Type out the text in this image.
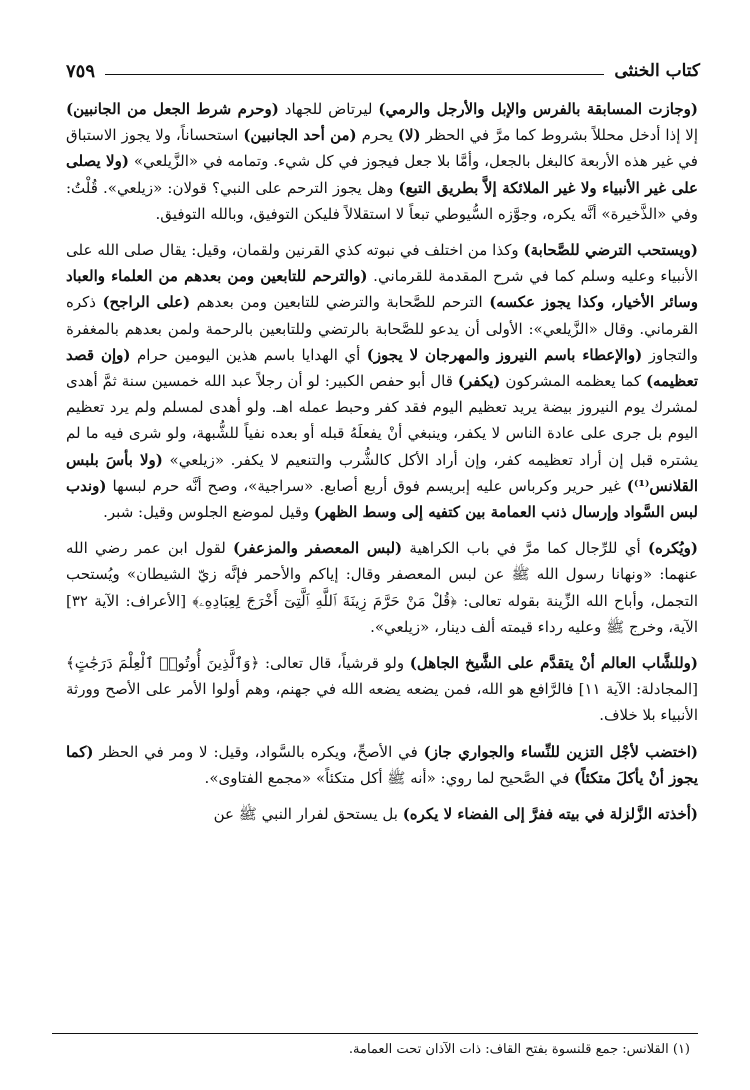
كتاب الخنثى
٧٥٩

(وجازت المسابقة بالفرس والإبل والأرجل والرمي) ليرتاض للجهاد (وحرم شرط الجعل من الجانبين) إلا إذا أدخل محللاً بشروط كما مرَّ في الحظر (لا) يحرم (من أحد الجانبين) استحساناً، ولا يجوز الاستباق في غير هذه الأربعة كالبغل بالجعل، وأمَّا بلا جعل فيجوز في كل شيء. وتمامه في «الزَّيلعي» (ولا يصلى على غير الأنبياء ولا غير الملائكة إلاَّ بطريق التبع) وهل يجوز الترحم على النبي؟ قولان: «زيلعي». قُلْتُ: وفي «الذَّخيرة» أنَّه يكره، وجوَّزه السُّيوطي تبعاً لا استقلالاً فليكن التوفيق، وبالله التوفيق.

(ويستحب الترضي للصَّحابة) وكذا من اختلف في نبوته كذي القرنين ولقمان، وقيل: يقال صلى الله على الأنبياء وعليه وسلم كما في شرح المقدمة للقرماني. (والترحم للتابعين ومن بعدهم من العلماء والعباد وسائر الأخيار، وكذا يجوز عكسه) الترحم للصَّحابة والترضي للتابعين ومن بعدهم (على الراجح) ذكره القرماني. وقال «الزَّيلعي»: الأولى أن يدعو للصَّحابة بالرتضي وللتابعين بالرحمة ولمن بعدهم بالمغفرة والتجاوز (والإعطاء باسم النيروز والمهرجان لا يجوز) أي الهدايا باسم هذين اليومين حرام (وإن قصد تعظيمه) كما يعظمه المشركون (يكفر) قال أبو حفص الكبير: لو أن رجلاً عبد الله خمسين سنة ثمَّ أهدى لمشرك يوم النيروز بيضة يريد تعظيم اليوم فقد كفر وحبط عمله اهـ. ولو أهدى لمسلم ولم يرد تعظيم اليوم بل جرى على عادة الناس لا يكفر، وينبغي أنْ يفعلَهُ قبله أو بعده نفياً للشُّبهة، ولو شرى فيه ما لم يشتره قبل إن أراد تعظيمه كفر، وإن أراد الأكل كالشُّرب والتنعيم لا يكفر. «زيلعي» (ولا بأسَ بلبس القلانس⁽¹⁾) غير حرير وكرباس عليه إبريسم فوق أربع أصابع. «سراجية»، وصح أنَّه حرم لبسها (وندب لبس السَّواد وإرسال ذنب العمامة بين كتفيه إلى وسط الظهر) وقيل لموضع الجلوس وقيل: شبر.

(ويُكره) أي للرِّجال كما مرَّ في باب الكراهية (لبس المعصفر والمزعفر) لقول ابن عمر رضي الله عنهما: «ونهانا رسول الله ﷺ عن لبس المعصفر وقال: إياكم والأحمر فإنَّه زيّ الشيطان» ويُستحب التجمل، وأباح الله الزِّينة بقوله تعالى: ﴿قُلْ مَنْ حَرَّمَ زِينَةَ ٱللَّهِ ٱلَّتِىٓ أَخْرَجَ لِعِبَادِهِۦ﴾ [الأعراف: الآية ٣٢] الآية، وخرج ﷺ وعليه رداء قيمته ألف دينار، «زيلعي».

(وللشَّاب العالم أنْ يتقدَّم على الشَّيخ الجاهل) ولو قرشياً، قال تعالى: ﴿وَٱلَّذِينَ أُوتُوا۟ ٱلْعِلْمَ دَرَجَٰتٍ﴾ [المجادلة: الآية ١١] فالرَّافع هو الله، فمن يضعه يضعه الله في جهنم، وهم أولوا الأمر على الأصح وورثة الأنبياء بلا خلاف.

(اختضب لأجْل التزين للنِّساء والجواري جاز) في الأصحِّ، ويكره بالسَّواد، وقيل: لا ومر في الحظر (كما يجوز أنْ يأكلَ متكئاً) في الصَّحيح لما روي: «أنه ﷺ أكل متكئاً» «مجمع الفتاوى».

(أخذته الزَّلزلة في بيته ففرَّ إلى الفضاء لا يكره) بل يستحق لفرار النبي ﷺ عن

(١) القلانس: جمع قلنسوة بفتح القاف: ذات الآذان تحت العمامة.
